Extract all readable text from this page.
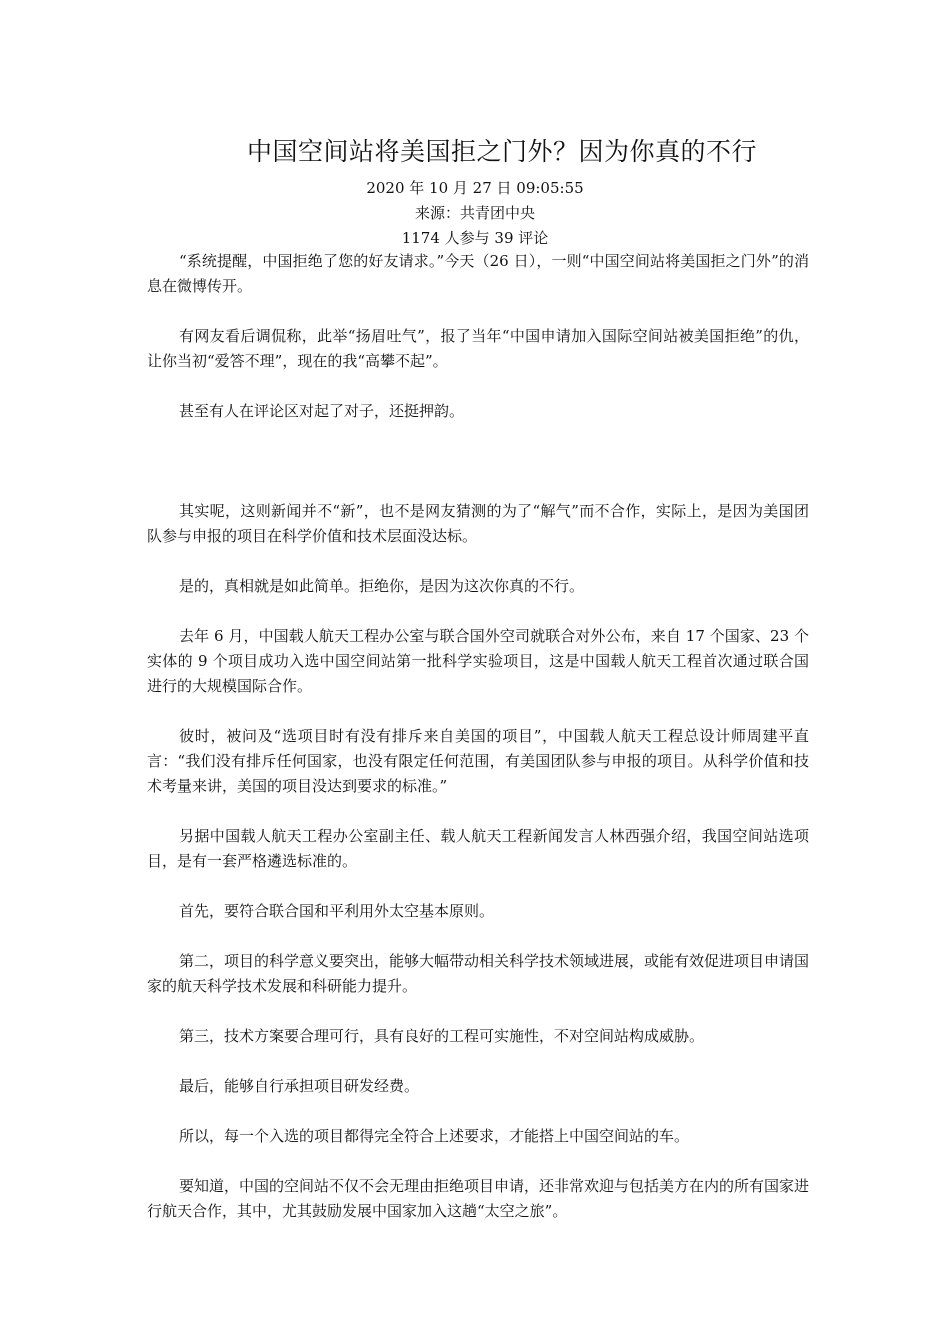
中国空间站将美国拒之门外？因为你真的不行
2020 年 10 月 27 日 09:05:55
来源：共青团中央
1174 人参与 39 评论

“系统提醒，中国拒绝了您的好友请求。”今天（26 日），一则“中国空间站将美国拒之门外”的消息在微博传开。

有网友看后调侃称，此举“扬眉吐气”，报了当年“中国申请加入国际空间站被美国拒绝”的仇，让你当初“爱答不理”，现在的我“高攀不起”。

甚至有人在评论区对起了对子，还挺押韵。

其实呢，这则新闻并不“新”，也不是网友猜测的为了“解气”而不合作，实际上，是因为美国团队参与申报的项目在科学价值和技术层面没达标。

是的，真相就是如此简单。拒绝你，是因为这次你真的不行。

去年 6 月，中国载人航天工程办公室与联合国外空司就联合对外公布，来自 17 个国家、23 个实体的 9 个项目成功入选中国空间站第一批科学实验项目，这是中国载人航天工程首次通过联合国进行的大规模国际合作。

彼时，被问及“选项目时有没有排斥来自美国的项目”，中国载人航天工程总设计师周建平直言：“我们没有排斥任何国家，也没有限定任何范围，有美国团队参与申报的项目。从科学价值和技术考量来讲，美国的项目没达到要求的标准。”

另据中国载人航天工程办公室副主任、载人航天工程新闻发言人林西强介绍，我国空间站选项目，是有一套严格遴选标准的。

首先，要符合联合国和平利用外太空基本原则。

第二，项目的科学意义要突出，能够大幅带动相关科学技术领域进展，或能有效促进项目申请国家的航天科学技术发展和科研能力提升。

第三，技术方案要合理可行，具有良好的工程可实施性，不对空间站构成威胁。

最后，能够自行承担项目研发经费。

所以，每一个入选的项目都得完全符合上述要求，才能搭上中国空间站的车。

要知道，中国的空间站不仅不会无理由拒绝项目申请，还非常欢迎与包括美方在内的所有国家进行航天合作，其中，尤其鼓励发展中国家加入这趟“太空之旅”。
